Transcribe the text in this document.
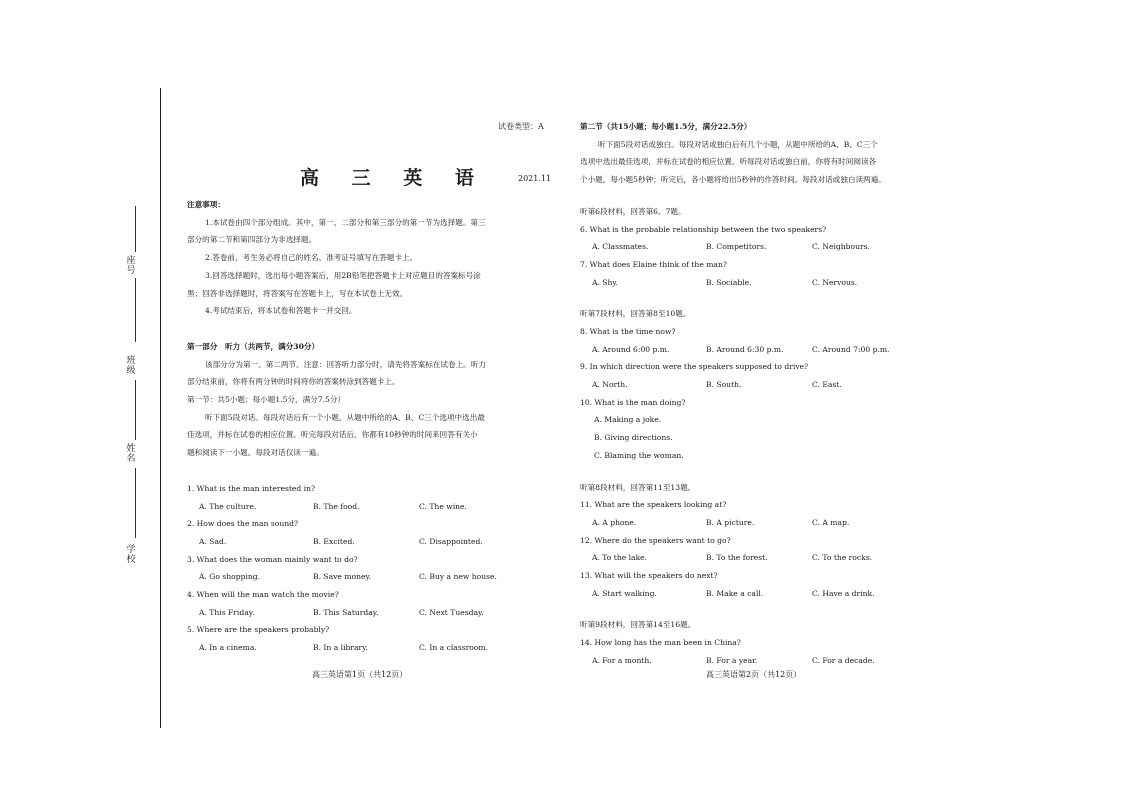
座号
班级
姓名
学校
试卷类型：A
高 三 英 语	2021.11

注意事项：

1.本试卷由四个部分组成。其中，第一、二部分和第三部分的第一节为选择题。第三

部分的第二节和第四部分为非选择题。

2.答卷前，考生务必将自己的姓名、准考证号填写在答题卡上。

3.回答选择题时，选出每小题答案后，用2B铅笔把答题卡上对应题目的答案标号涂

黑；回答非选择题时，将答案写在答题卡上，写在本试卷上无效。

4.考试结束后，将本试卷和答题卡一并交回。

第一部分　听力（共两节，满分30分）

该部分分为第一、第二两节。注意：回答听力部分时，请先将答案标在试卷上。听力

部分结束前，你将有两分钟的时间将你的答案转涂到答题卡上。

第一节：共5小题；每小题1.5分，满分7.5分）

听下面5段对话。每段对话后有一个小题，从题中所给的A、B、C三个选项中选出最

佳选项，并标在试卷的相应位置。听完每段对话后，你都有10秒钟的时间来回答有关小

题和阅读下一小题。每段对话仅读一遍。

1. What is the man interested in?

A. The culture.	B. The food.	C. The wine.

2. How does the man sound?

A. Sad.	B. Excited.	C. Disappointed.

3. What does the woman mainly want to do?

A. Go shopping.	B. Save money.	C. Buy a new house.

4. When will the man watch the movie?

A. This Friday.	B. This Saturday.	C. Next Tuesday.

5. Where are the speakers probably?

A. In a cinema.	B. In a library.	C. In a classroom.
高三英语第1页（共12页）

第二节（共15小题；每小题1.5分，满分22.5分）

听下面5段对话或独白。每段对话或独白后有几个小题，从题中所给的A、B、C三个

选项中选出最佳选项，并标在试卷的相应位置。听每段对话或独白前，你将有时间阅读各

个小题，每小题5秒钟；听完后，各小题将给出5秒钟的作答时间。每段对话或独白读两遍。

听第6段材料，回答第6、7题。

6. What is the probable relationship between the two speakers?

A. Classmates.	B. Competitors.	C. Neighbours.

7. What does Elaine think of the man?

A. Shy.	B. Sociable.	C. Nervous.

听第7段材料，回答第8至10题。

8. What is the time now?

A. Around 6:00 p.m.	B. Around 6:30 p.m.	C. Around 7:00 p.m.

9. In which direction were the speakers supposed to drive?

A. North.	B. South.	C. East.

10. What is the man doing?

A. Making a joke.

B. Giving directions.

C. Blaming the woman.

听第8段材料，回答第11至13题。

11. What are the speakers looking at?

A. A phone.	B. A picture.	C. A map.

12. Where do the speakers want to go?

A. To the lake.	B. To the forest.	C. To the rocks.

13. What will the speakers do next?

A. Start walking.	B. Make a call.	C. Have a drink.

听第9段材料，回答第14至16题。

14. How long has the man been in China?

A. For a month.	B. For a year.	C. For a decade.
高三英语第2页（共12页）
